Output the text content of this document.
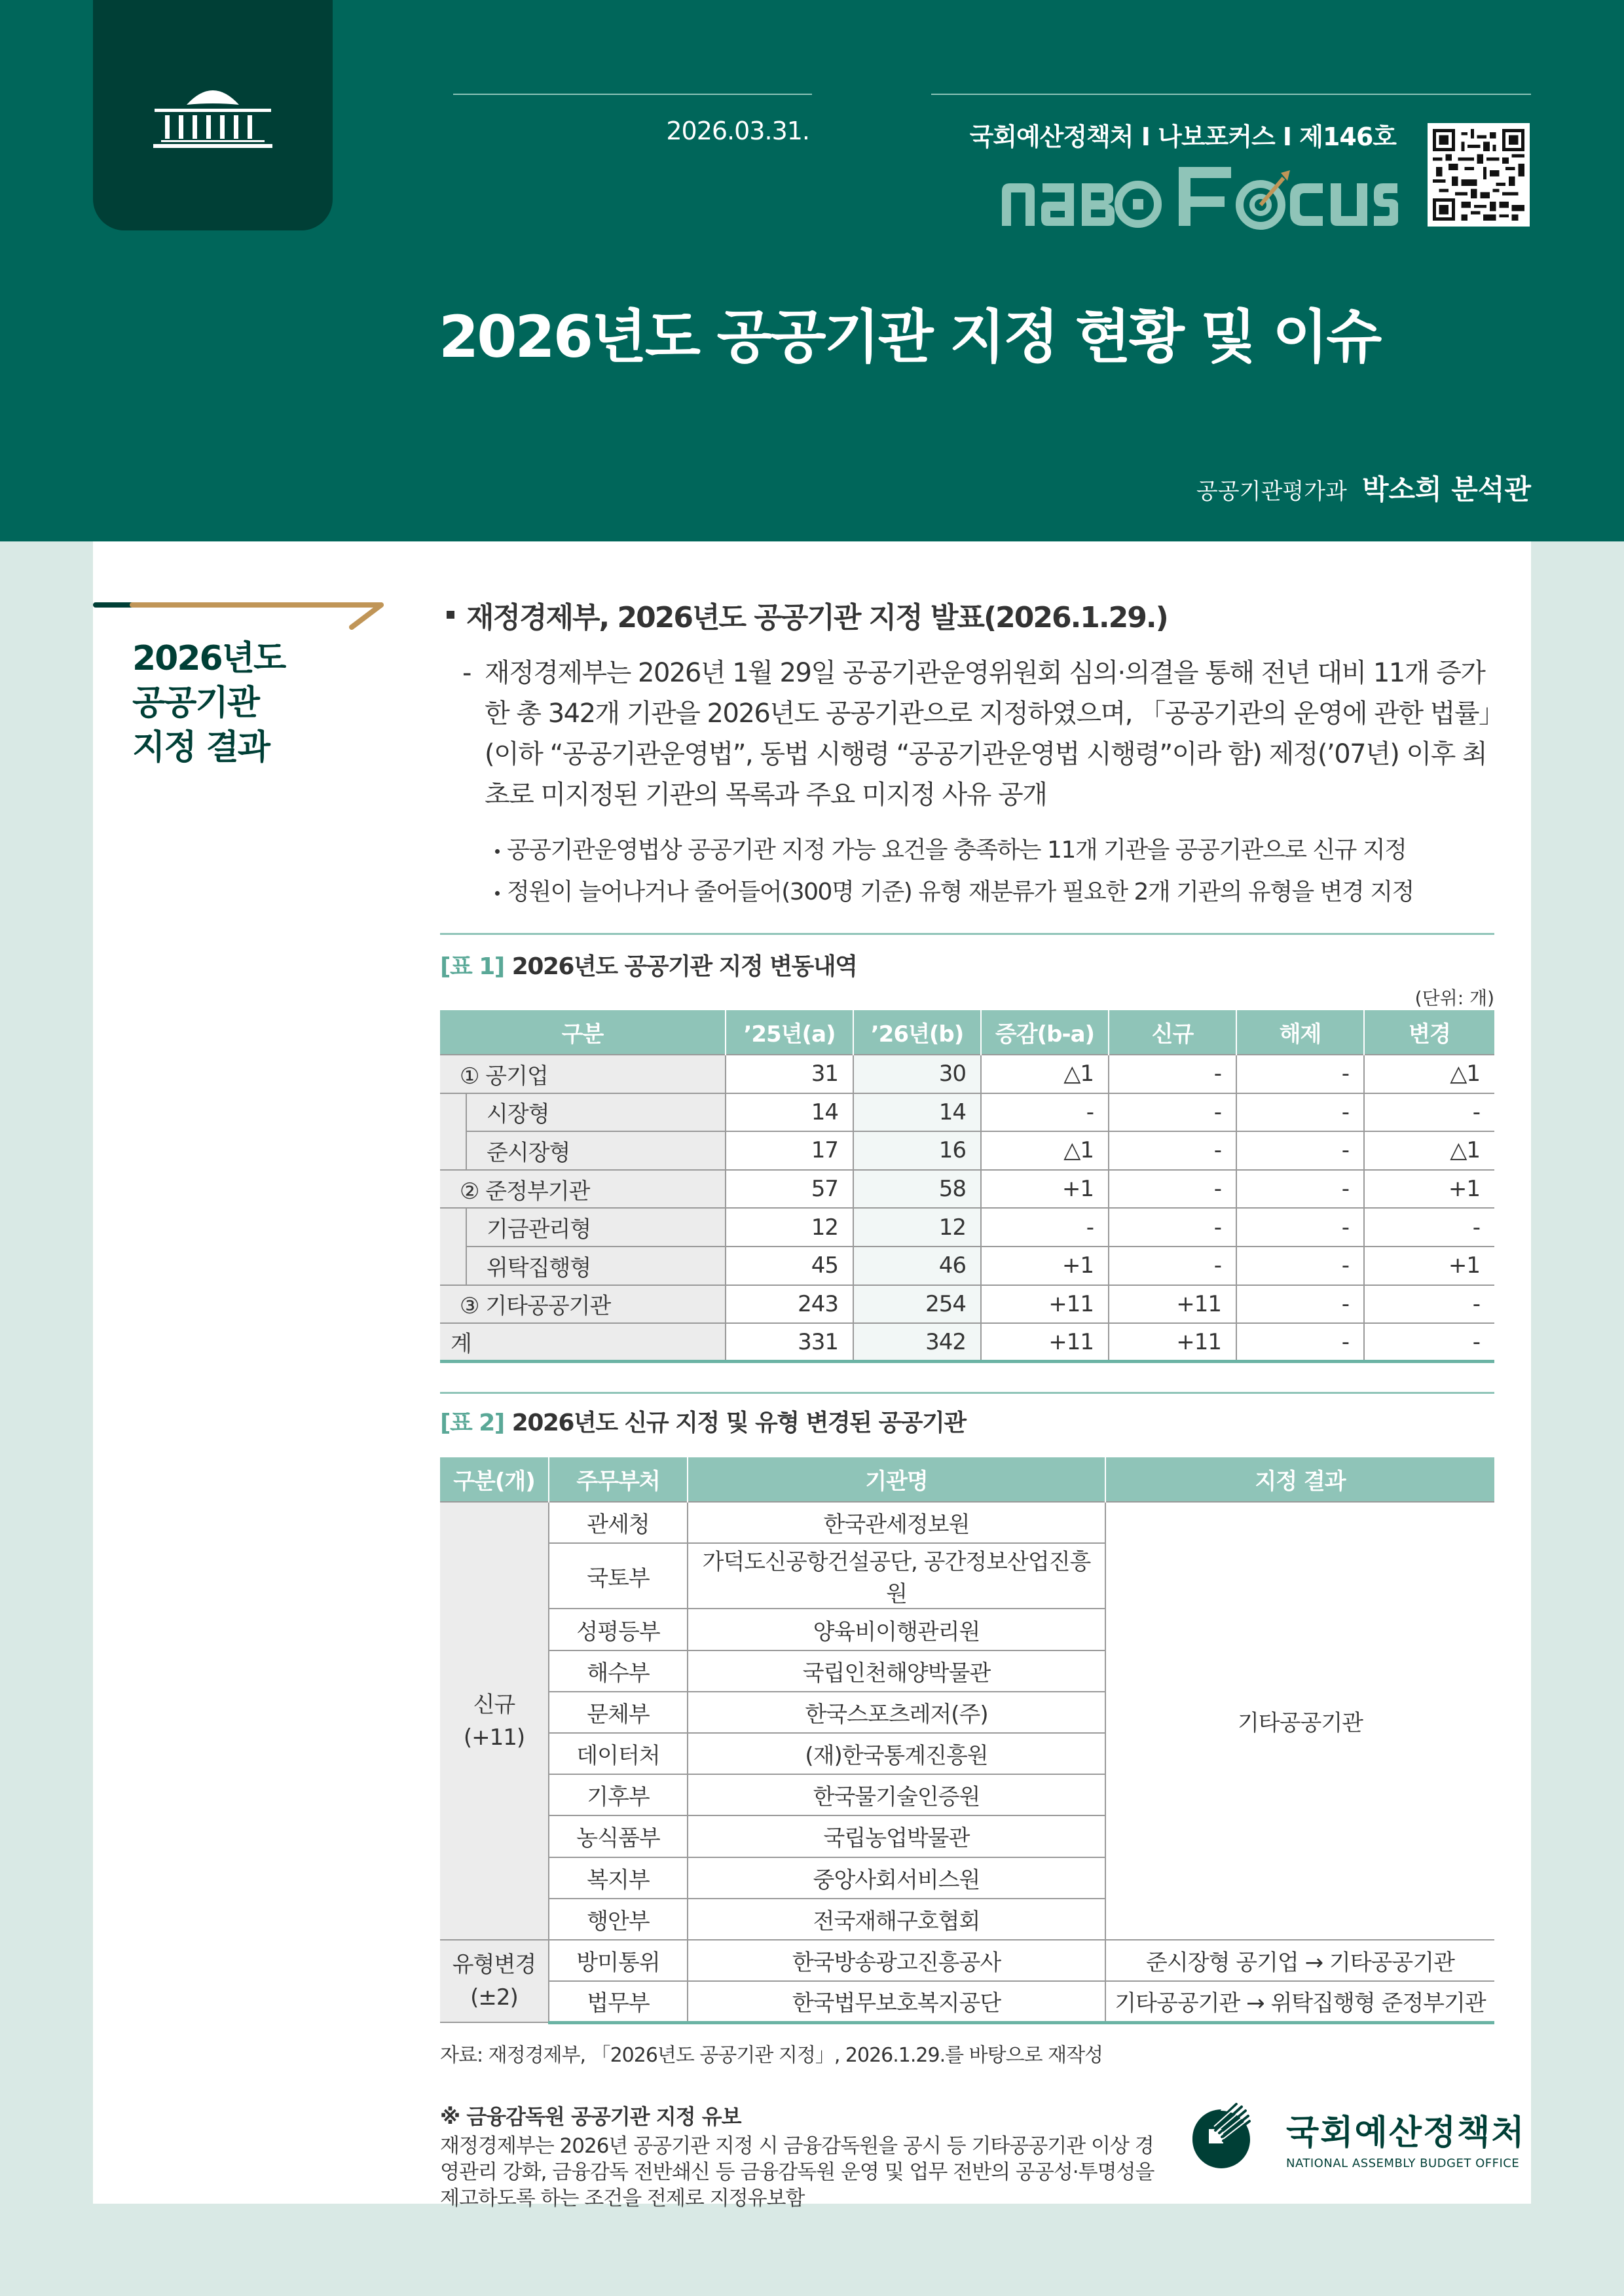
2026.03.31.	국회예산정책처 I 나보포커스 I 제146호
2026년도 공공기관 지정 현황 및 이슈
공공기관평가과 박소희 분석관
2026년도
공공기관
지정 결과
재정경제부, 2026년도 공공기관 지정 발표(2026.1.29.)
- 재정경제부는 2026년 1월 29일 공공기관운영위원회 심의·의결을 통해 전년 대비 11개 증가한 총 342개 기관을 2026년도 공공기관으로 지정하였으며, 「공공기관의 운영에 관한 법률」(이하 “공공기관운영법”, 동법 시행령 “공공기관운영법 시행령”이라 함) 제정(’07년) 이후 최초로 미지정된 기관의 목록과 주요 미지정 사유 공개
공공기관운영법상 공공기관 지정 가능 요건을 충족하는 11개 기관을 공공기관으로 신규 지정
정원이 늘어나거나 줄어들어(300명 기준) 유형 재분류가 필요한 2개 기관의 유형을 변경 지정
[표 1] 2026년도 공공기관 지정 변동내역
(단위: 개)
구분		’25년(a)	’26년(b)	증감(b-a)	신규	해제	변경
① 공기업		31	30	△1	-	-	△1
	시장형	14	14	-	-	-	-
	준시장형	17	16	△1	-	-	△1
② 준정부기관		57	58	+1	-	-	+1
	기금관리형	12	12	-	-	-	-
	위탁집행형	45	46	+1	-	-	+1
③ 기타공공기관		243	254	+11	+11	-	-
계		331	342	+11	+11	-	-
[표 2] 2026년도 신규 지정 및 유형 변경된 공공기관
구분(개)	주무부처	기관명	지정 결과

신규
(+11)	관세청	한국관세정보원	기타공공기관
	국토부	가덕도신공항건설공단, 공간정보산업진흥원	
	성평등부	양육비이행관리원	
	해수부	국립인천해양박물관	
	문체부	한국스포츠레저(주)	
	데이터처	(재)한국통계진흥원	
	기후부	한국물기술인증원	
	농식품부	국립농업박물관	
	복지부	중앙사회서비스원	
	행안부	전국재해구호협회	

유형변경
(±2)	방미통위	한국방송광고진흥공사	준시장형 공기업 → 기타공공기관
	법무부	한국법무보호복지공단	기타공공기관 → 위탁집행형 준정부기관
자료: 재정경제부, 「2026년도 공공기관 지정」, 2026.1.29.를 바탕으로 재작성
※ 금융감독원 공공기관 지정 유보
재정경제부는 2026년 공공기관 지정 시 금융감독원을 공시 등 기타공공기관 이상 경영관리 강화, 금융감독 전반쇄신 등 금융감독원 운영 및 업무 전반의 공공성·투명성을 제고하도록 하는 조건을 전제로 지정유보함
국회예산정책처
NATIONAL ASSEMBLY BUDGET OFFICE
